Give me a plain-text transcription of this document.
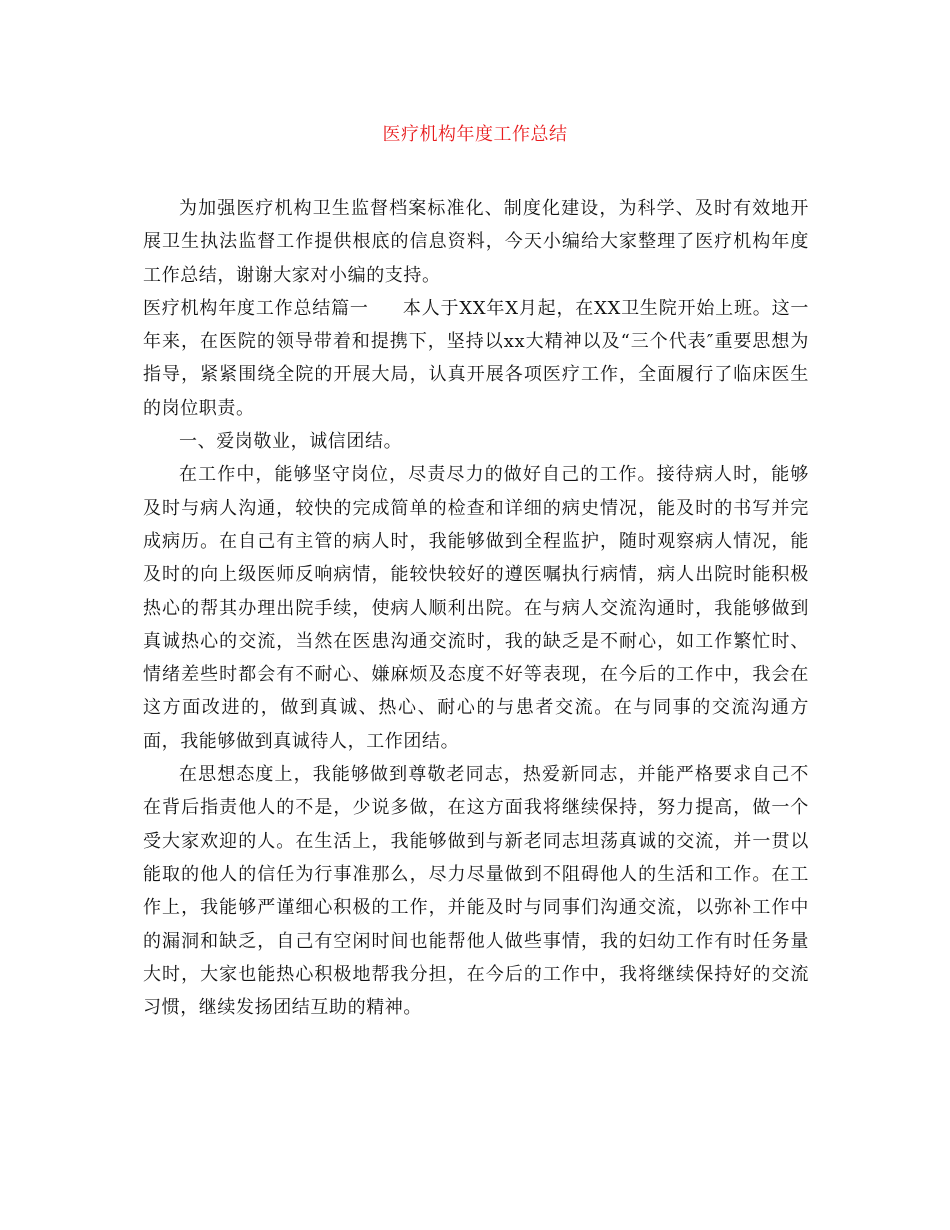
医疗机构年度工作总结

为加强医疗机构卫生监督档案标准化、制度化建设，为科学、及时有效地开展卫生执法监督工作提供根底的信息资料，今天小编给大家整理了医疗机构年度工作总结，谢谢大家对小编的支持。

医疗机构年度工作总结篇一 本人于XX年X月起，在XX卫生院开始上班。这一年来，在医院的领导带着和提携下，坚持以xx大精神以及“三个代表″重要思想为指导，紧紧围绕全院的开展大局，认真开展各项医疗工作，全面履行了临床医生的岗位职责。

一、爱岗敬业，诚信团结。

在工作中，能够坚守岗位，尽责尽力的做好自己的工作。接待病人时，能够及时与病人沟通，较快的完成简单的检查和详细的病史情况，能及时的书写并完成病历。在自己有主管的病人时，我能够做到全程监护，随时观察病人情况，能及时的向上级医师反响病情，能较快较好的遵医嘱执行病情，病人出院时能积极热心的帮其办理出院手续，使病人顺利出院。在与病人交流沟通时，我能够做到真诚热心的交流，当然在医患沟通交流时，我的缺乏是不耐心，如工作繁忙时、情绪差些时都会有不耐心、嫌麻烦及态度不好等表现，在今后的工作中，我会在这方面改进的，做到真诚、热心、耐心的与患者交流。在与同事的交流沟通方面，我能够做到真诚待人，工作团结。

在思想态度上，我能够做到尊敬老同志，热爱新同志，并能严格要求自己不在背后指责他人的不是，少说多做，在这方面我将继续保持，努力提高，做一个受大家欢迎的人。在生活上，我能够做到与新老同志坦荡真诚的交流，并一贯以能取的他人的信任为行事准那么，尽力尽量做到不阻碍他人的生活和工作。在工作上，我能够严谨细心积极的工作，并能及时与同事们沟通交流，以弥补工作中的漏洞和缺乏，自己有空闲时间也能帮他人做些事情，我的妇幼工作有时任务量大时，大家也能热心积极地帮我分担，在今后的工作中，我将继续保持好的交流习惯，继续发扬团结互助的精神。
